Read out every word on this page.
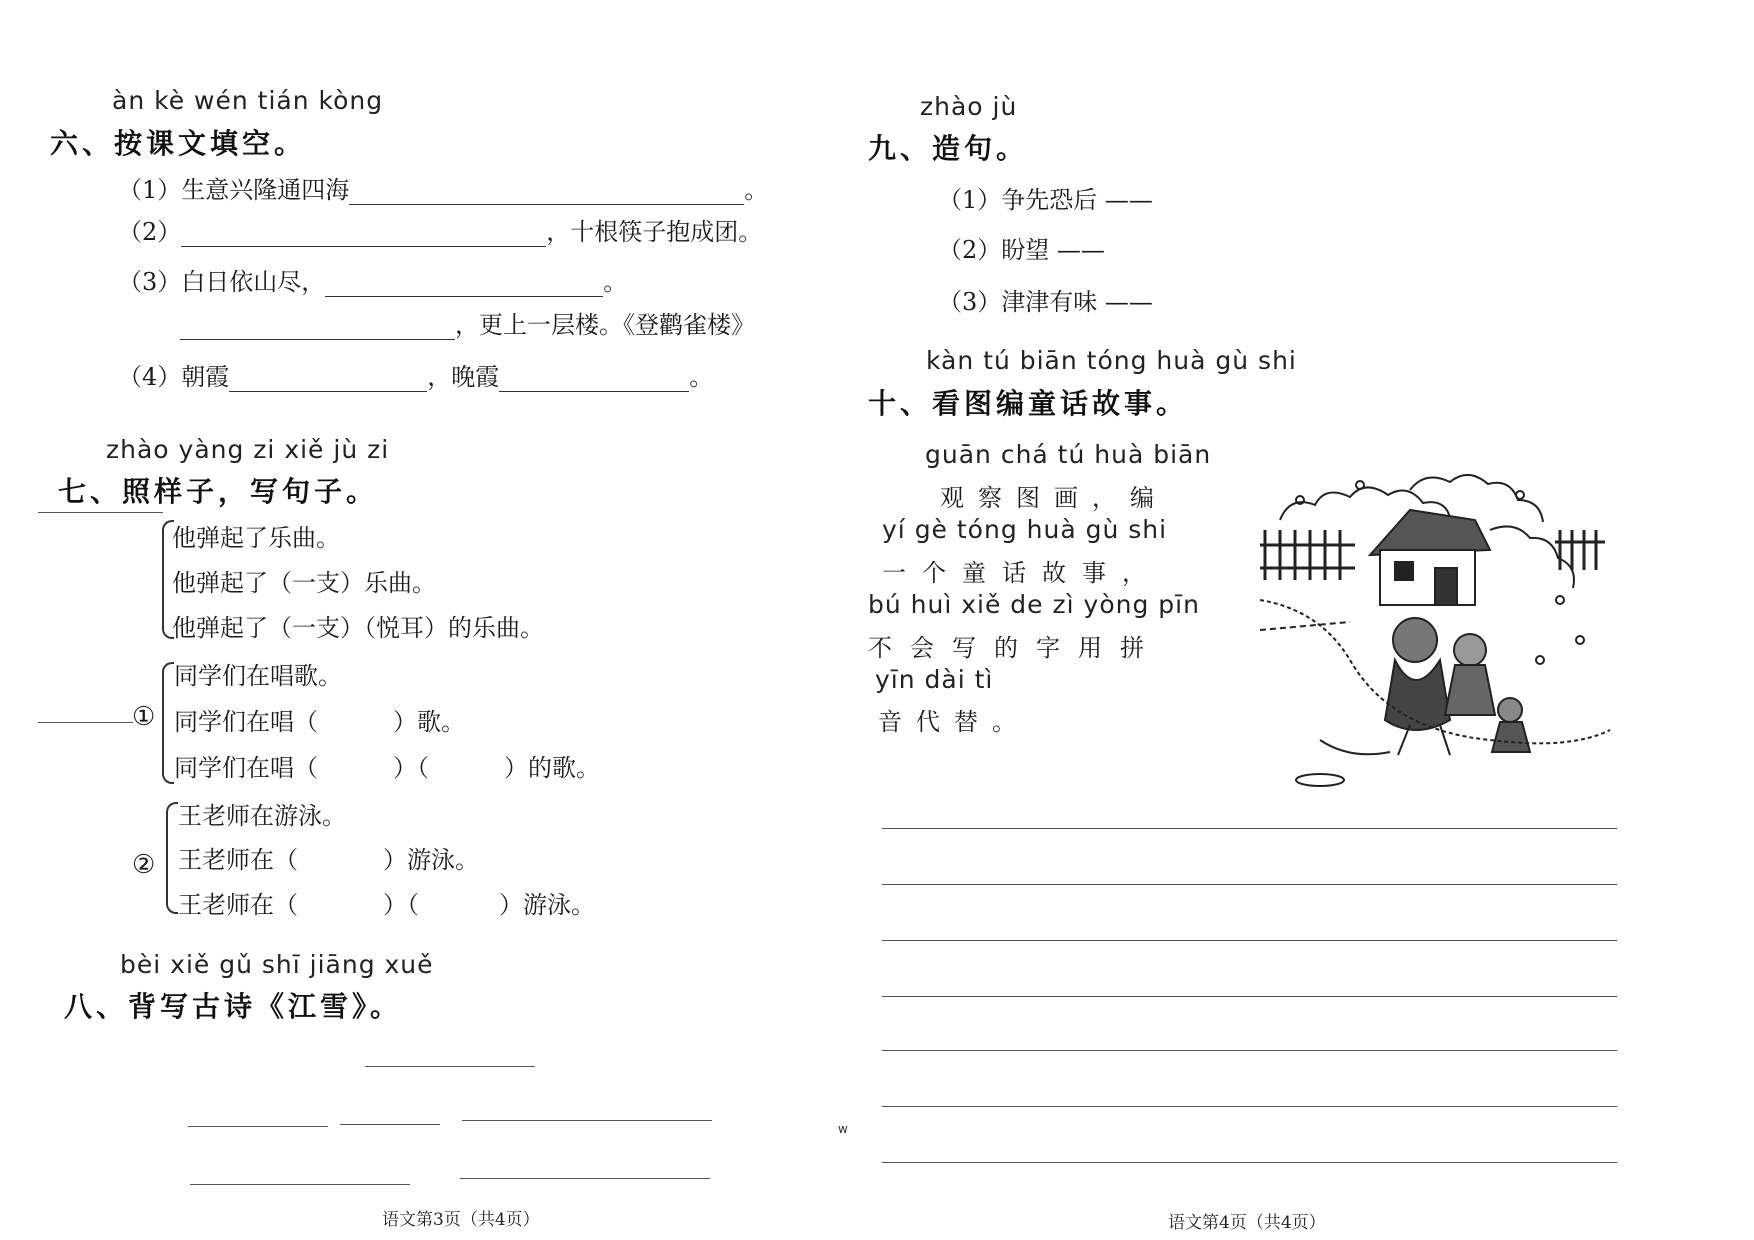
àn kè wén tián kòng
六、按课文填空。
（1）生意兴隆通四海	。
（2）	，十根筷子抱成团。
（3）白日依山尽，	。
，更上一层楼。《登鹳雀楼》
（4）朝霞	，晚霞	。
zhào yàng zi xiě jù zi
七、照样子，写句子。
他弹起了乐曲。
他弹起了（一支）乐曲。
他弹起了（一支）（悦耳）的乐曲。
①
同学们在唱歌。
同学们在唱（	）歌。
同学们在唱（	）（	）的歌。
②
王老师在游泳。
王老师在（	）游泳。
王老师在（	）（	）游泳。
bèi xiě gǔ shī jiāng xuě
八、背写古诗《江雪》。
语文第3页（共4页）
w
zhào jù
九、造句。
（1）争先恐后 ——
（2）盼望 ——
（3）津津有味 ——
kàn tú biān tóng huà gù shi
十、看图编童话故事。
guān chá tú huà biān
观察图画，编
yí gè tóng huà gù shi
一个童话故事，
bú huì xiě de zì yòng pīn
不会写的字用拼
yīn dài tì
音代替。
语文第4页（共4页）
